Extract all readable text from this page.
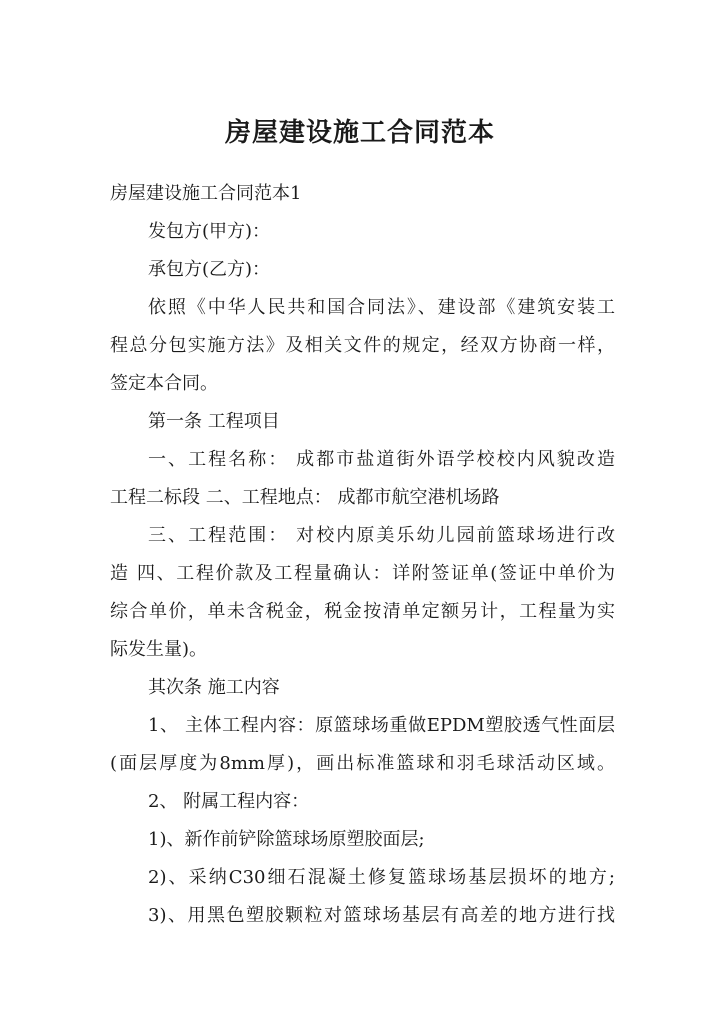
房屋建设施工合同范本
房屋建设施工合同范本1
发包方(甲方)：
承包方(乙方)：
依照《中华人民共和国合同法》、建设部《建筑安装工
程总分包实施方法》及相关文件的规定，经双方协商一样，
签定本合同。
第一条 工程项目
一、工程名称： 成都市盐道街外语学校校内风貌改造
工程二标段 二、工程地点： 成都市航空港机场路
三、工程范围： 对校内原美乐幼儿园前篮球场进行改
造 四、工程价款及工程量确认：详附签证单(签证中单价为
综合单价，单未含税金，税金按清单定额另计，工程量为实
际发生量)。
其次条 施工内容
1、 主体工程内容：原篮球场重做EPDM塑胶透气性面层
(面层厚度为8mm厚)，画出标准篮球和羽毛球活动区域。
2、 附属工程内容：
1)、新作前铲除篮球场原塑胶面层;
2)、采纳C30细石混凝土修复篮球场基层损坏的地方;
3)、用黑色塑胶颗粒对篮球场基层有高差的地方进行找
